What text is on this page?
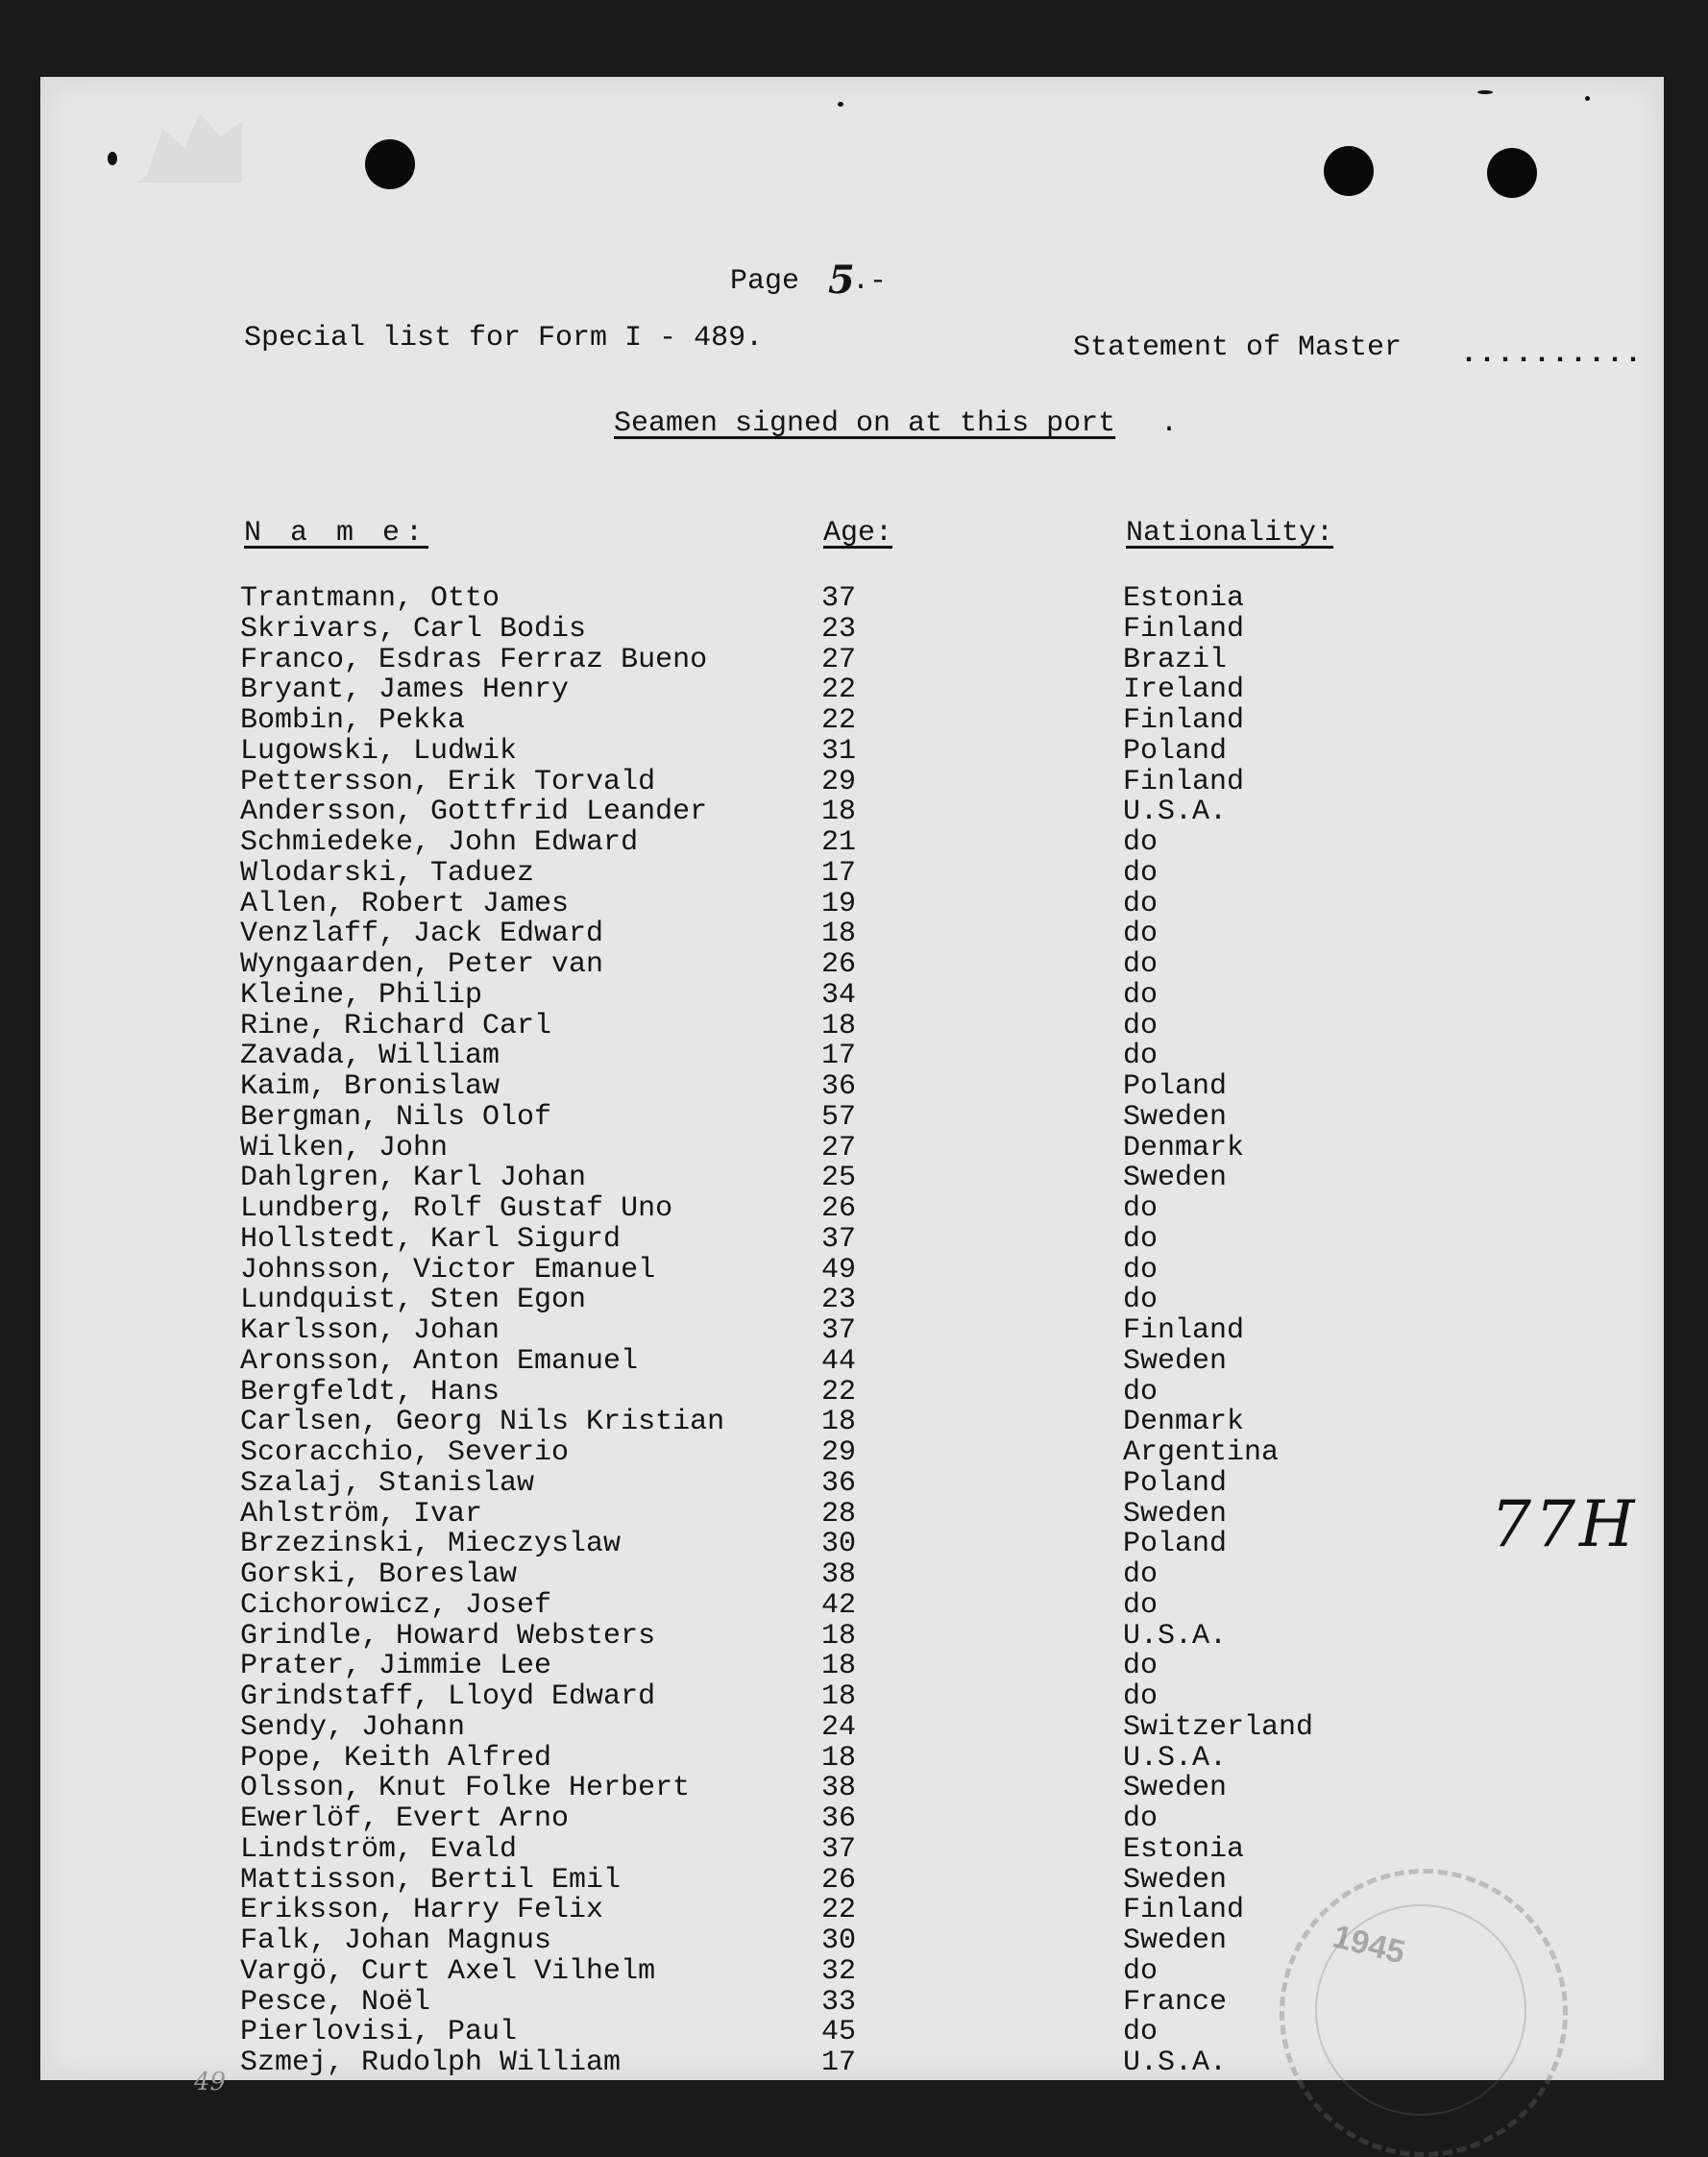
Page 5
.-
Special list for Form I - 489.	Statement of Master ..........
Seamen signed on at this port .
N a m e:	Age:	Nationality:
Trantmann, Otto	37	Estonia
Skrivars, Carl Bodis	23	Finland
Franco, Esdras Ferraz Bueno	27	Brazil
Bryant, James Henry	22	Ireland
Bombin, Pekka	22	Finland
Lugowski, Ludwik	31	Poland
Pettersson, Erik Torvald	29	Finland
Andersson, Gottfrid Leander	18	U.S.A.
Schmiedeke, John Edward	21	do
Wlodarski, Taduez	17	do
Allen, Robert James	19	do
Venzlaff, Jack Edward	18	do
Wyngaarden, Peter van	26	do
Kleine, Philip	34	do
Rine, Richard Carl	18	do
Zavada, William	17	do
Kaim, Bronislaw	36	Poland
Bergman, Nils Olof	57	Sweden
Wilken, John	27	Denmark
Dahlgren, Karl Johan	25	Sweden
Lundberg, Rolf Gustaf Uno	26	do
Hollstedt, Karl Sigurd	37	do
Johnsson, Victor Emanuel	49	do
Lundquist, Sten Egon	23	do
Karlsson, Johan	37	Finland
Aronsson, Anton Emanuel	44	Sweden
Bergfeldt, Hans	22	do
Carlsen, Georg Nils Kristian	18	Denmark
Scoracchio, Severio	29	Argentina
Szalaj, Stanislaw	36	Poland
Ahlström, Ivar	28	Sweden
Brzezinski, Mieczyslaw	30	Poland
Gorski, Boreslaw	38	do
Cichorowicz, Josef	42	do
Grindle, Howard Websters	18	U.S.A.
Prater, Jimmie Lee	18	do
Grindstaff, Lloyd Edward	18	do
Sendy, Johann	24	Switzerland
Pope, Keith Alfred	18	U.S.A.
Olsson, Knut Folke Herbert	38	Sweden
Ewerlöf, Evert Arno	36	do
Lindström, Evald	37	Estonia
Mattisson, Bertil Emil	26	Sweden
Eriksson, Harry Felix	22	Finland
Falk, Johan Magnus	30	Sweden
Vargö, Curt Axel Vilhelm	32	do
Pesce, Noël	33	France
Pierlovisi, Paul	45	do
Szmej, Rudolph William	17	U.S.A.
77H
49
1945
